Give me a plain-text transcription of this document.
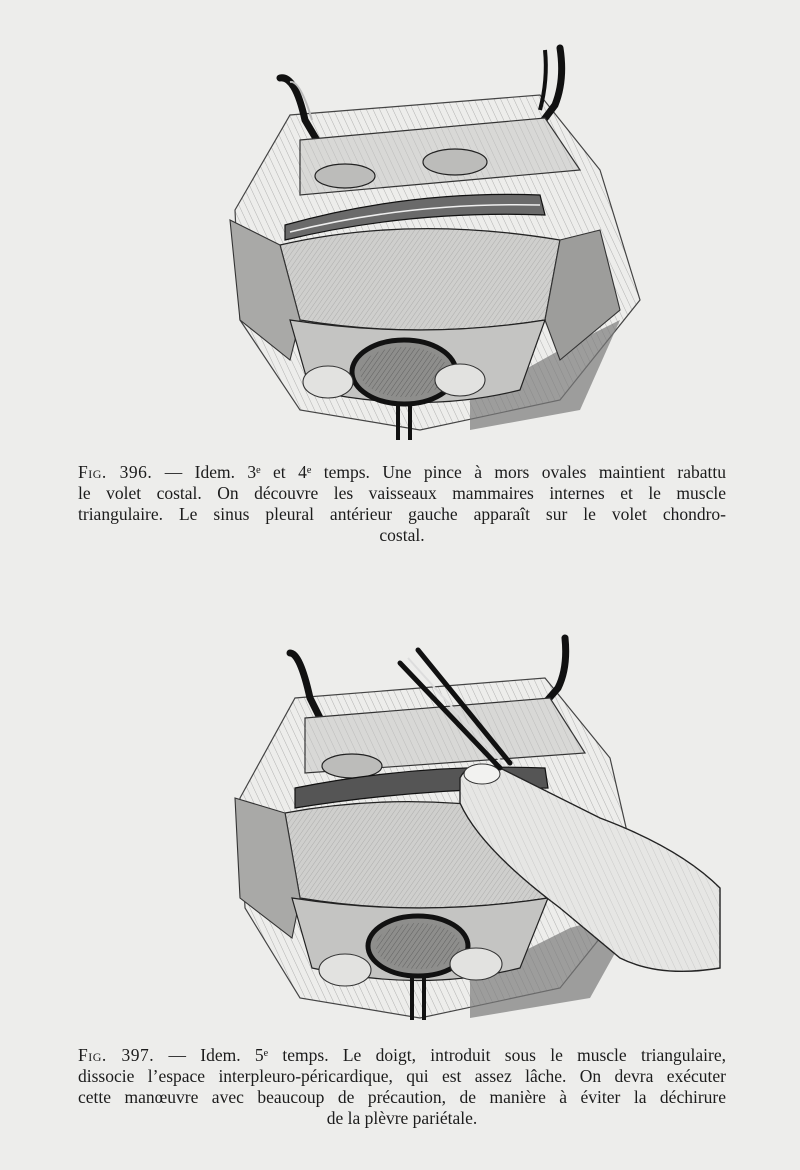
Fig. 396. — Idem. 3ᵉ et 4ᵉ temps. Une pince à mors ovales maintient rabattu
le volet costal. On découvre les vaisseaux mammaires internes et le muscle
triangulaire. Le sinus pleural antérieur gauche apparaît sur le volet chondro-
costal.
Fig. 397. — Idem. 5ᵉ temps. Le doigt, introduit sous le muscle triangulaire,
dissocie l’espace interpleuro-péricardique, qui est assez lâche. On devra exécuter
cette manœuvre avec beaucoup de précaution, de manière à éviter la déchirure
de la plèvre pariétale.
